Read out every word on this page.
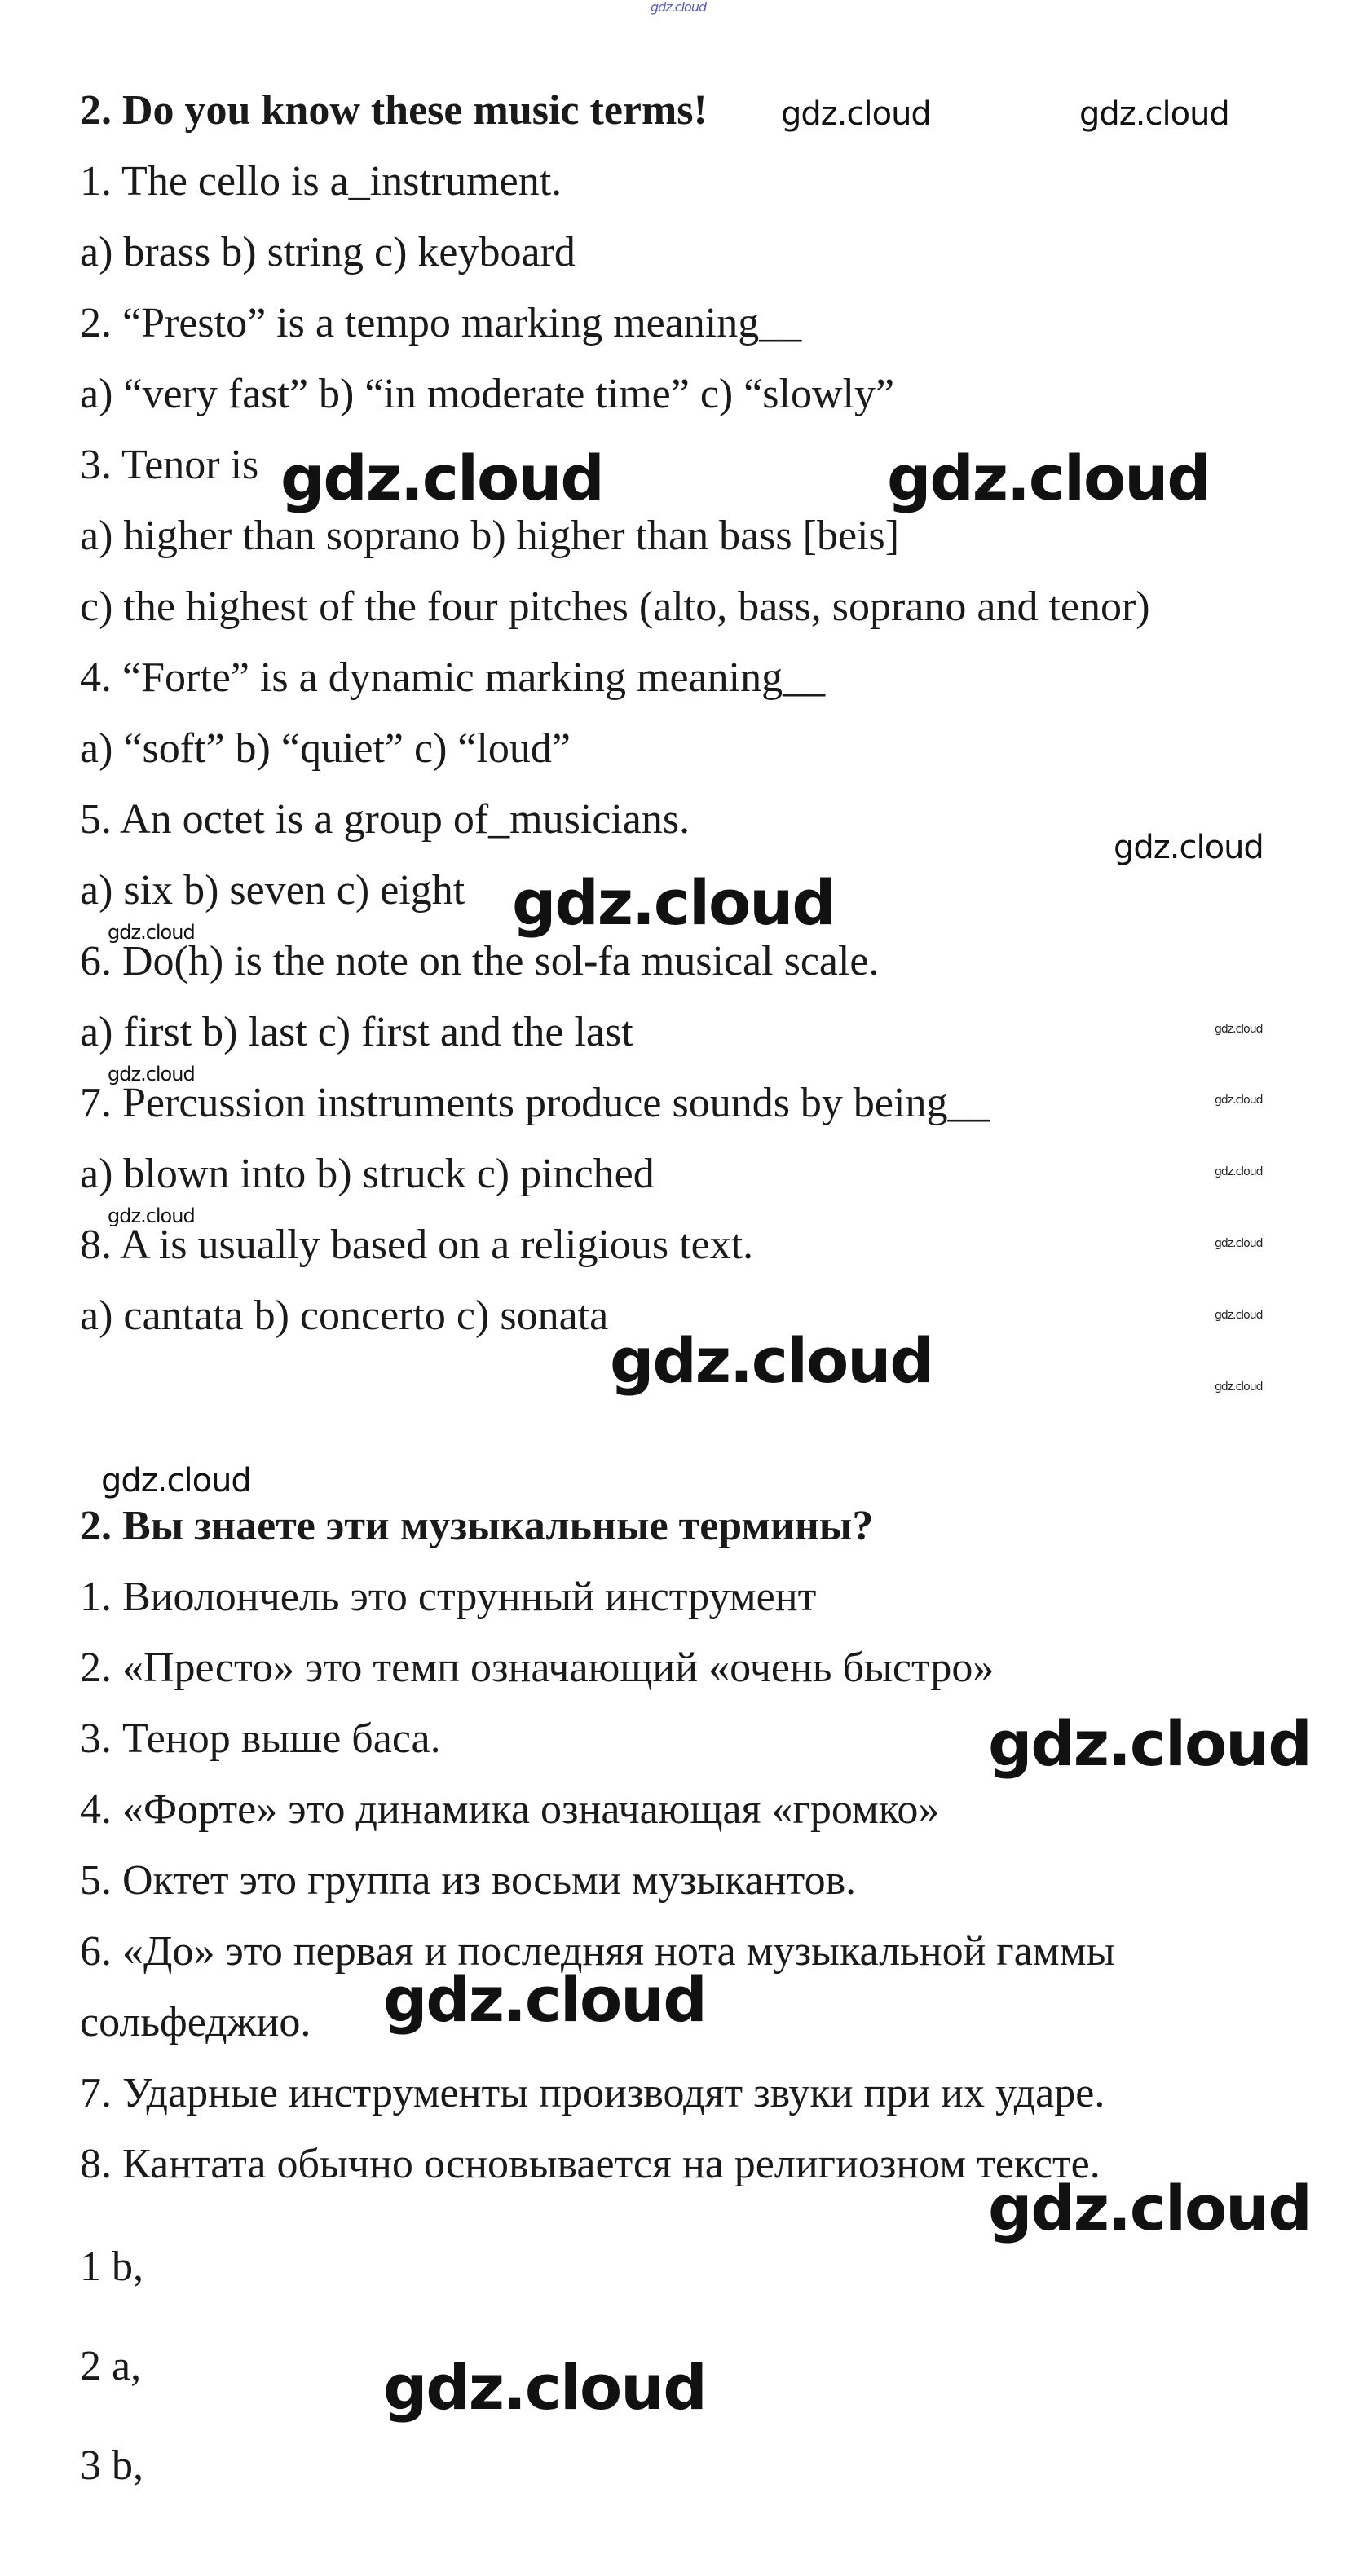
gdz.cloud

2. Do you know these music terms!

1. The cello is a_instrument.

a) brass b) string c) keyboard

2. “Presto” is a tempo marking meaning__

a) “very fast” b) “in moderate time” c) “slowly”

3. Tenor is

a) higher than soprano b) higher than bass [beis]

c) the highest of the four pitches (alto, bass, soprano and tenor)

4. “Forte” is a dynamic marking meaning__

a) “soft” b) “quiet” c) “loud”

5. An octet is a group of_musicians.

a) six b) seven c) eight

6. Do(h) is the note on the sol-fa musical scale.

a) first b) last c) first and the last

7. Percussion instruments produce sounds by being__

a) blown into b) struck c) pinched

8. A is usually based on a religious text.

a) cantata b) concerto c) sonata

2. Вы знаете эти музыкальные термины?

1. Виолончель это струнный инструмент

2. «Престо» это темп означающий «очень быстро»

3. Тенор выше баса.

4. «Форте» это динамика означающая «громко»

5. Октет это группа из восьми музыкантов.

6. «До» это первая и последняя нота музыкальной гаммы

сольфеджио.

7. Ударные инструменты производят звуки при их ударе.

8. Кантата обычно основывается на религиозном тексте.

1 b,

2 a,

3 b,

gdz.cloud	gdz.cloud
gdz.cloud	gdz.cloud
gdz.cloud
gdz.cloud
gdz.cloud
gdz.cloud
gdz.cloud
gdz.cloud
gdz.cloud
gdz.cloud
gdz.cloud
gdz.cloud
gdz.cloud
gdz.cloud
gdz.cloud
gdz.cloud
gdz.cloud
gdz.cloud
gdz.cloud
